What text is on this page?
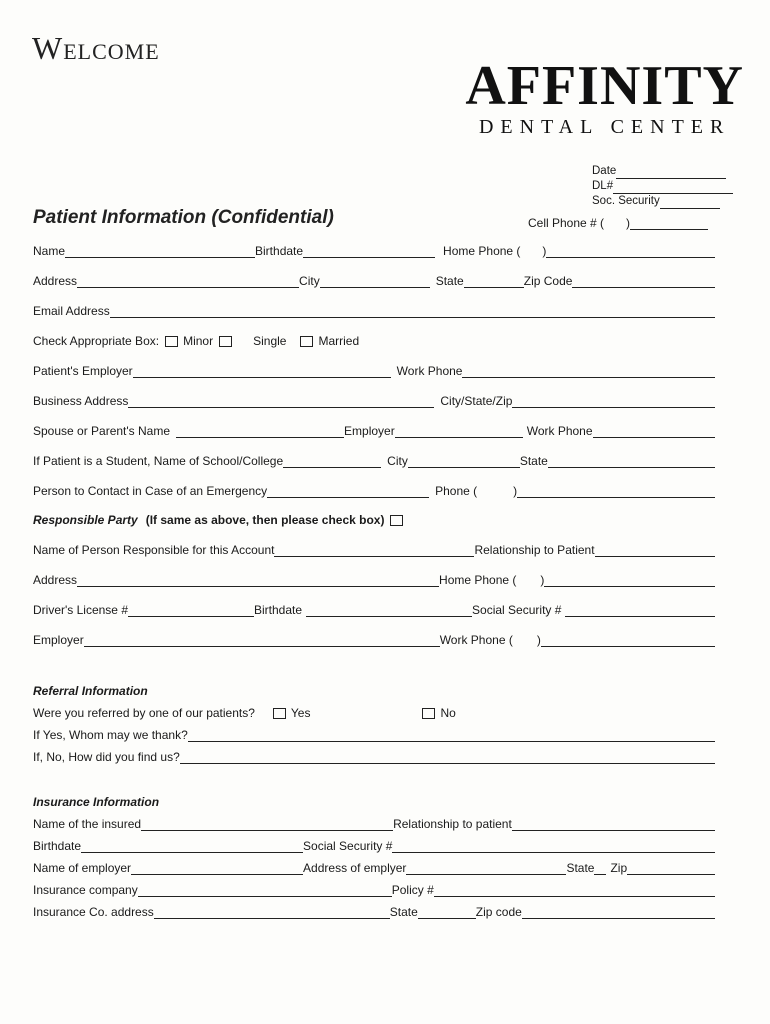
Welcome
AFFINITY
DENTAL CENTER
Date
DL#
Soc. Security
Patient Information (Confidential)	Cell Phone # ( )
Name	Birthdate	Home Phone ( )
Address	City	State	Zip Code
Email Address
Check Appropriate Box: Minor	Single	Married
Patient's Employer	Work Phone
Business Address	City/State/Zip
Spouse or Parent's Name	Employer	Work Phone
If Patient is a Student, Name of School/College	City	State
Person to Contact in Case of an Emergency	Phone (	)
Responsible Party (If same as above, then please check box)
Name of Person Responsible for this Account	Relationship to Patient
Address	Home Phone ( )
Driver's License #	Birthdate	Social Security #
Employer	Work Phone ( )
Referral Information
Were you referred by one of our patients?	Yes	No
If Yes, Whom may we thank?
If, No, How did you find us?
Insurance Information
Name of the insured	Relationship to patient
Birthdate	Social Security #
Name of employer	Address of emplyer	State Zip
Insurance company	Policy #
Insurance Co. address	State	Zip code
